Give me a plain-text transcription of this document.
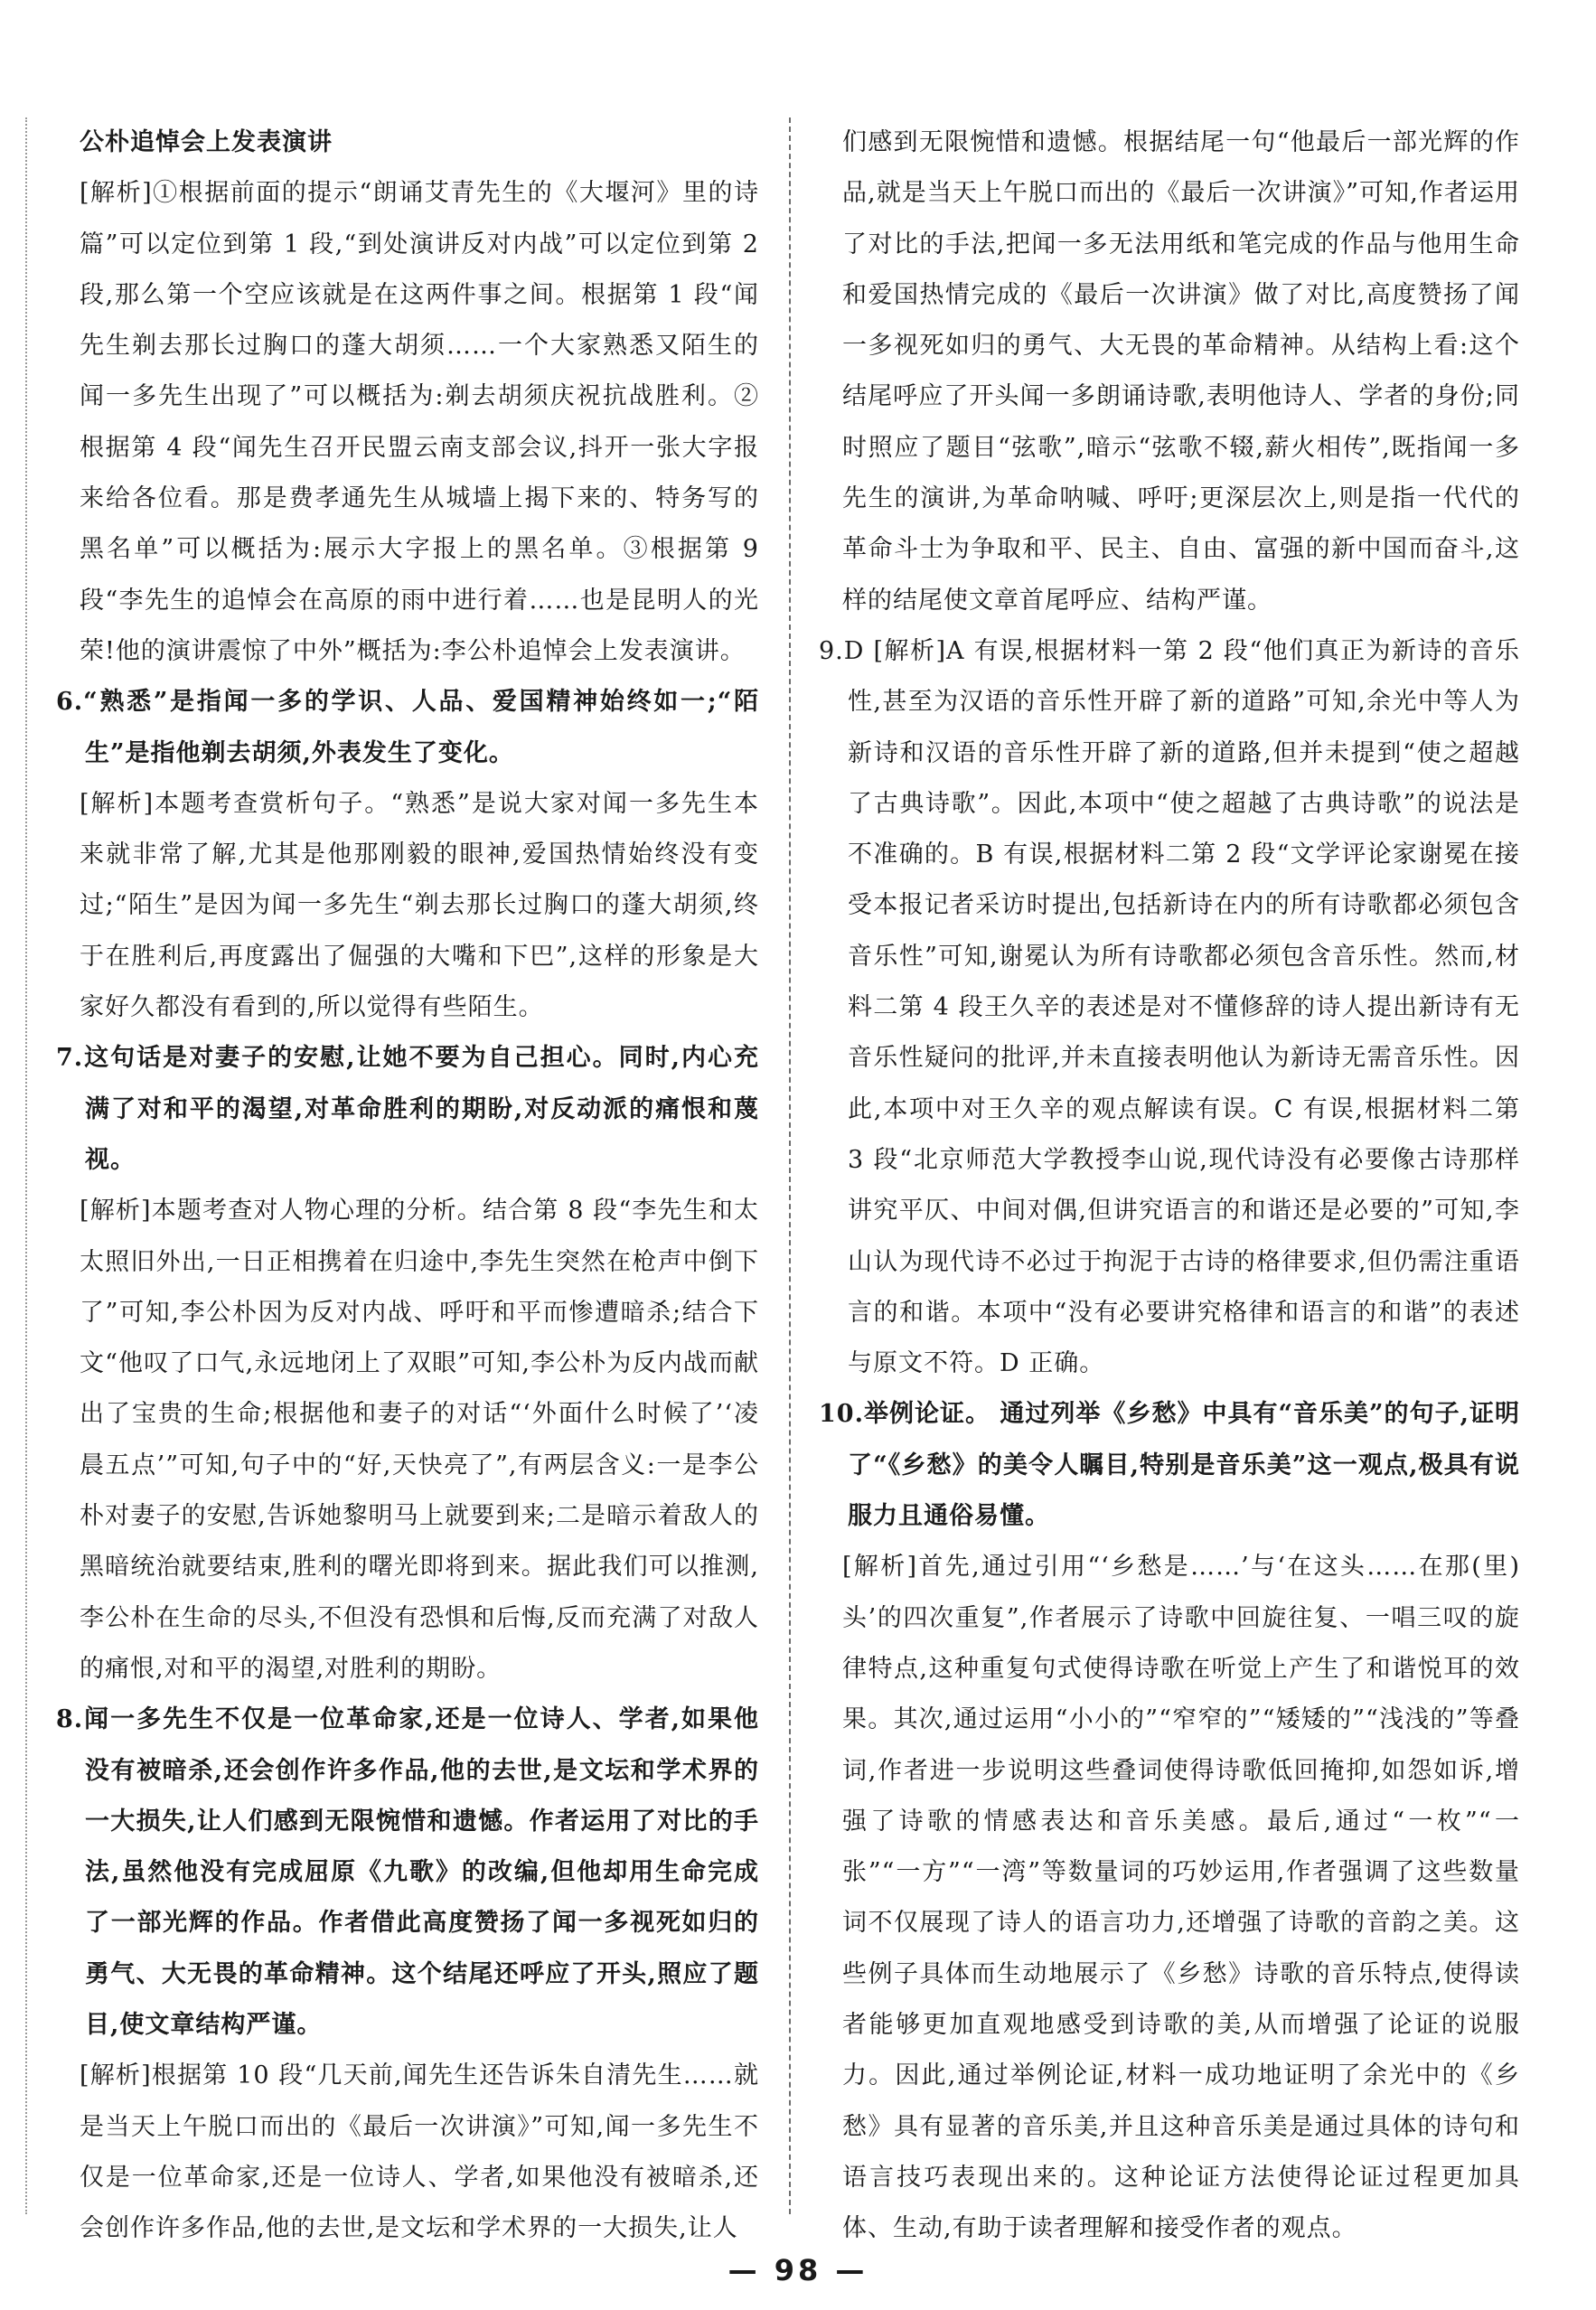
公朴追悼会上发表演讲

[解析]①根据前面的提示“朗诵艾青先生的《大堰河》里的诗篇”可以定位到第 1 段,“到处演讲反对内战”可以定位到第 2 段,那么第一个空应该就是在这两件事之间。根据第 1 段“闻先生剃去那长过胸口的蓬大胡须……一个大家熟悉又陌生的闻一多先生出现了”可以概括为:剃去胡须庆祝抗战胜利。②根据第 4 段“闻先生召开民盟云南支部会议,抖开一张大字报来给各位看。那是费孝通先生从城墙上揭下来的、特务写的黑名单”可以概括为:展示大字报上的黑名单。③根据第 9 段“李先生的追悼会在高原的雨中进行着……也是昆明人的光荣!他的演讲震惊了中外”概括为:李公朴追悼会上发表演讲。

6.“熟悉”是指闻一多的学识、人品、爱国精神始终如一;“陌生”是指他剃去胡须,外表发生了变化。

[解析]本题考查赏析句子。“熟悉”是说大家对闻一多先生本来就非常了解,尤其是他那刚毅的眼神,爱国热情始终没有变过;“陌生”是因为闻一多先生“剃去那长过胸口的蓬大胡须,终于在胜利后,再度露出了倔强的大嘴和下巴”,这样的形象是大家好久都没有看到的,所以觉得有些陌生。

7.这句话是对妻子的安慰,让她不要为自己担心。同时,内心充满了对和平的渴望,对革命胜利的期盼,对反动派的痛恨和蔑视。

[解析]本题考查对人物心理的分析。结合第 8 段“李先生和太太照旧外出,一日正相携着在归途中,李先生突然在枪声中倒下了”可知,李公朴因为反对内战、呼吁和平而惨遭暗杀;结合下文“他叹了口气,永远地闭上了双眼”可知,李公朴为反内战而献出了宝贵的生命;根据他和妻子的对话“‘外面什么时候了’‘凌晨五点’”可知,句子中的“好,天快亮了”,有两层含义:一是李公朴对妻子的安慰,告诉她黎明马上就要到来;二是暗示着敌人的黑暗统治就要结束,胜利的曙光即将到来。据此我们可以推测,李公朴在生命的尽头,不但没有恐惧和后悔,反而充满了对敌人的痛恨,对和平的渴望,对胜利的期盼。

8.闻一多先生不仅是一位革命家,还是一位诗人、学者,如果他没有被暗杀,还会创作许多作品,他的去世,是文坛和学术界的一大损失,让人们感到无限惋惜和遗憾。作者运用了对比的手法,虽然他没有完成屈原《九歌》的改编,但他却用生命完成了一部光辉的作品。作者借此高度赞扬了闻一多视死如归的勇气、大无畏的革命精神。这个结尾还呼应了开头,照应了题目,使文章结构严谨。

[解析]根据第 10 段“几天前,闻先生还告诉朱自清先生……就是当天上午脱口而出的《最后一次讲演》”可知,闻一多先生不仅是一位革命家,还是一位诗人、学者,如果他没有被暗杀,还会创作许多作品,他的去世,是文坛和学术界的一大损失,让人

们感到无限惋惜和遗憾。根据结尾一句“他最后一部光辉的作品,就是当天上午脱口而出的《最后一次讲演》”可知,作者运用了对比的手法,把闻一多无法用纸和笔完成的作品与他用生命和爱国热情完成的《最后一次讲演》做了对比,高度赞扬了闻一多视死如归的勇气、大无畏的革命精神。从结构上看:这个结尾呼应了开头闻一多朗诵诗歌,表明他诗人、学者的身份;同时照应了题目“弦歌”,暗示“弦歌不辍,薪火相传”,既指闻一多先生的演讲,为革命呐喊、呼吁;更深层次上,则是指一代代的革命斗士为争取和平、民主、自由、富强的新中国而奋斗,这样的结尾使文章首尾呼应、结构严谨。

9.D [解析]A 有误,根据材料一第 2 段“他们真正为新诗的音乐性,甚至为汉语的音乐性开辟了新的道路”可知,余光中等人为新诗和汉语的音乐性开辟了新的道路,但并未提到“使之超越了古典诗歌”。因此,本项中“使之超越了古典诗歌”的说法是不准确的。B 有误,根据材料二第 2 段“文学评论家谢冕在接受本报记者采访时提出,包括新诗在内的所有诗歌都必须包含音乐性”可知,谢冕认为所有诗歌都必须包含音乐性。然而,材料二第 4 段王久辛的表述是对不懂修辞的诗人提出新诗有无音乐性疑问的批评,并未直接表明他认为新诗无需音乐性。因此,本项中对王久辛的观点解读有误。C 有误,根据材料二第 3 段“北京师范大学教授李山说,现代诗没有必要像古诗那样讲究平仄、中间对偶,但讲究语言的和谐还是必要的”可知,李山认为现代诗不必过于拘泥于古诗的格律要求,但仍需注重语言的和谐。本项中“没有必要讲究格律和语言的和谐”的表述与原文不符。D 正确。

10.举例论证。 通过列举《乡愁》中具有“音乐美”的句子,证明了“《乡愁》的美令人瞩目,特别是音乐美”这一观点,极具有说服力且通俗易懂。

[解析]首先,通过引用“‘乡愁是……’与‘在这头……在那(里)头’的四次重复”,作者展示了诗歌中回旋往复、一唱三叹的旋律特点,这种重复句式使得诗歌在听觉上产生了和谐悦耳的效果。其次,通过运用“小小的”“窄窄的”“矮矮的”“浅浅的”等叠词,作者进一步说明这些叠词使得诗歌低回掩抑,如怨如诉,增强了诗歌的情感表达和音乐美感。最后,通过“一枚”“一张”“一方”“一湾”等数量词的巧妙运用,作者强调了这些数量词不仅展现了诗人的语言功力,还增强了诗歌的音韵之美。这些例子具体而生动地展示了《乡愁》诗歌的音乐特点,使得读者能够更加直观地感受到诗歌的美,从而增强了论证的说服力。因此,通过举例论证,材料一成功地证明了余光中的《乡愁》具有显著的音乐美,并且这种音乐美是通过具体的诗句和语言技巧表现出来的。这种论证方法使得论证过程更加具体、生动,有助于读者理解和接受作者的观点。

— 98 —
